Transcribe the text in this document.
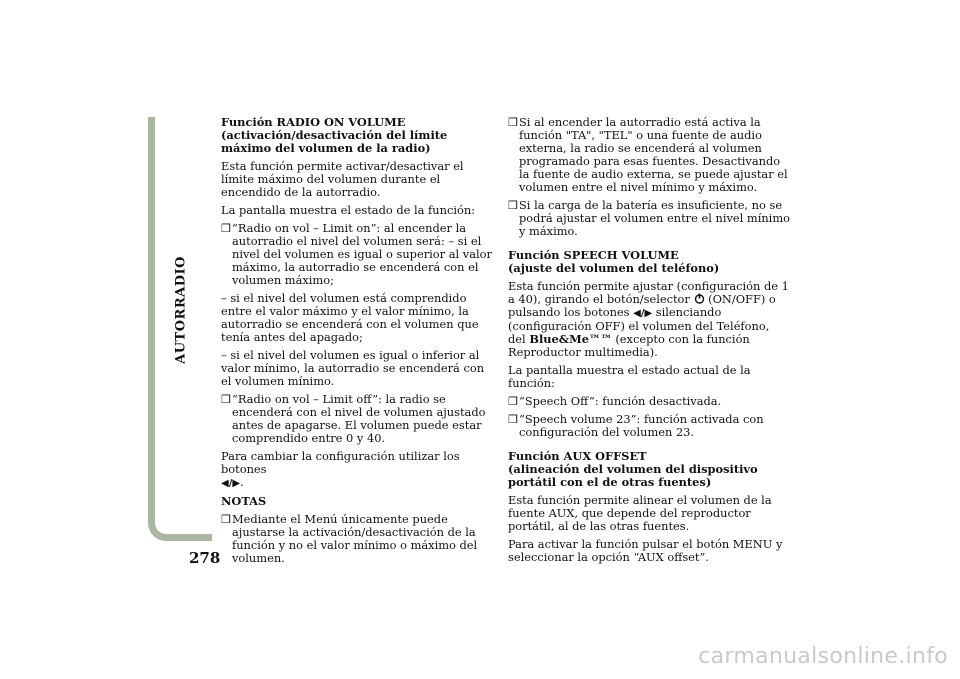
AUTORRADIO
278
Función RADIO ON VOLUME
(activación/desactivación del límite máximo del volumen de la radio)

Esta función permite activar/desactivar el límite máximo del volumen durante el encendido de la autorradio.

La pantalla muestra el estado de la función:

❒ “Radio on vol – Limit on”: al encender la autorradio el nivel del volumen será: – si el nivel del volumen es igual o superior al valor máximo, la autorradio se encenderá con el volumen máximo;

– si el nivel del volumen está comprendido entre el valor máximo y el valor mínimo, la autorradio se encenderá con el volumen que tenía antes del apagado;

– si el nivel del volumen es igual o inferior al valor mínimo, la autorradio se encenderá con el volumen mínimo.

❒ “Radio on vol – Limit off”: la radio se encenderá con el nivel de volumen ajustado antes de apagarse. El volumen puede estar comprendido entre 0 y 40.

Para cambiar la configuración utilizar los botones
◀/▶.

NOTAS
❒ Mediante el Menú únicamente puede ajustarse la activación/desactivación de la función y no el valor mínimo o máximo del volumen.
❒ Si al encender la autorradio está activa la función "TA", "TEL" o una fuente de audio externa, la radio se encenderá al volumen programado para esas fuentes. Desactivando la fuente de audio externa, se puede ajustar el volumen entre el nivel mínimo y máximo.
❒ Si la carga de la batería es insuficiente, no se podrá ajustar el volumen entre el nivel mínimo y máximo.
Función SPEECH VOLUME
(ajuste del volumen del teléfono)

Esta función permite ajustar (configuración de 1 a 40), girando el botón/selector (ON/OFF) o pulsando los botones ◀/▶ silenciando (configuración OFF) el volumen del Teléfono, del Blue&Me™™ (excepto con la función Reproductor multimedia).

La pantalla muestra el estado actual de la función:

❒ “Speech Off”: función desactivada.
❒ “Speech volume 23”: función activada con configuración del volumen 23.
Función AUX OFFSET
(alineación del volumen del dispositivo portátil con el de otras fuentes)

Esta función permite alinear el volumen de la fuente AUX, que depende del reproductor portátil, al de las otras fuentes.

Para activar la función pulsar el botón MENU y seleccionar la opción “AUX offset”.

carmanualsonline.info
